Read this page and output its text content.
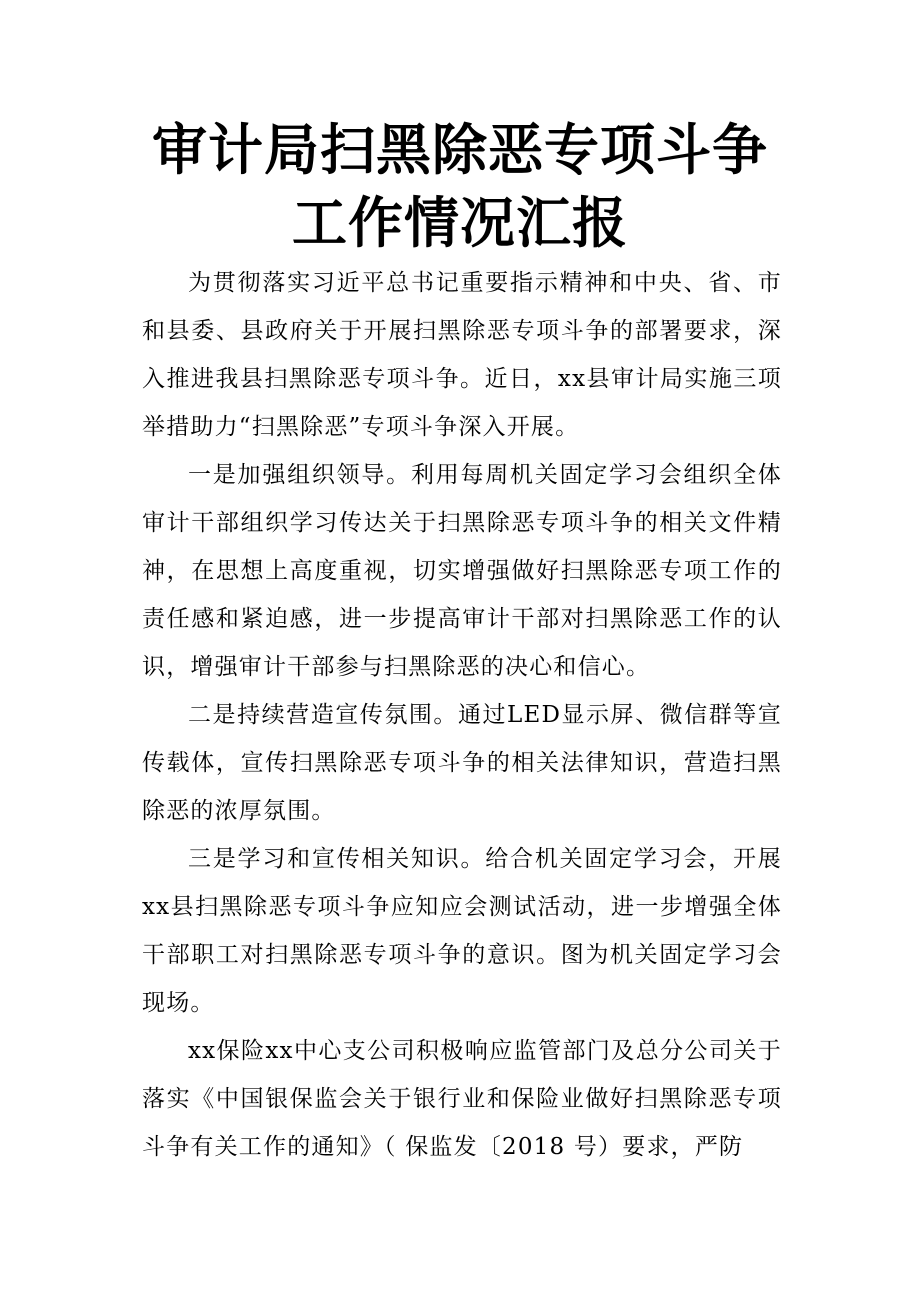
审计局扫黑除恶专项斗争
工作情况汇报

为贯彻落实习近平总书记重要指示精神和中央、省、市和县委、县政府关于开展扫黑除恶专项斗争的部署要求，深入推进我县扫黑除恶专项斗争。近日，xx县审计局实施三项举措助力“扫黑除恶”专项斗争深入开展。

一是加强组织领导。利用每周机关固定学习会组织全体审计干部组织学习传达关于扫黑除恶专项斗争的相关文件精神，在思想上高度重视，切实增强做好扫黑除恶专项工作的责任感和紧迫感，进一步提高审计干部对扫黑除恶工作的认识，增强审计干部参与扫黑除恶的决心和信心。

二是持续营造宣传氛围。通过LED显示屏、微信群等宣传载体，宣传扫黑除恶专项斗争的相关法律知识，营造扫黑除恶的浓厚氛围。

三是学习和宣传相关知识。给合机关固定学习会，开展xx县扫黑除恶专项斗争应知应会测试活动，进一步增强全体干部职工对扫黑除恶专项斗争的意识。图为机关固定学习会现场。

xx保险xx中心支公司积极响应监管部门及总分公司关于落实《中国银保监会关于银行业和保险业做好扫黑除恶专项斗争有关工作的通知》（ 保监发〔2018 号）要求，严防
